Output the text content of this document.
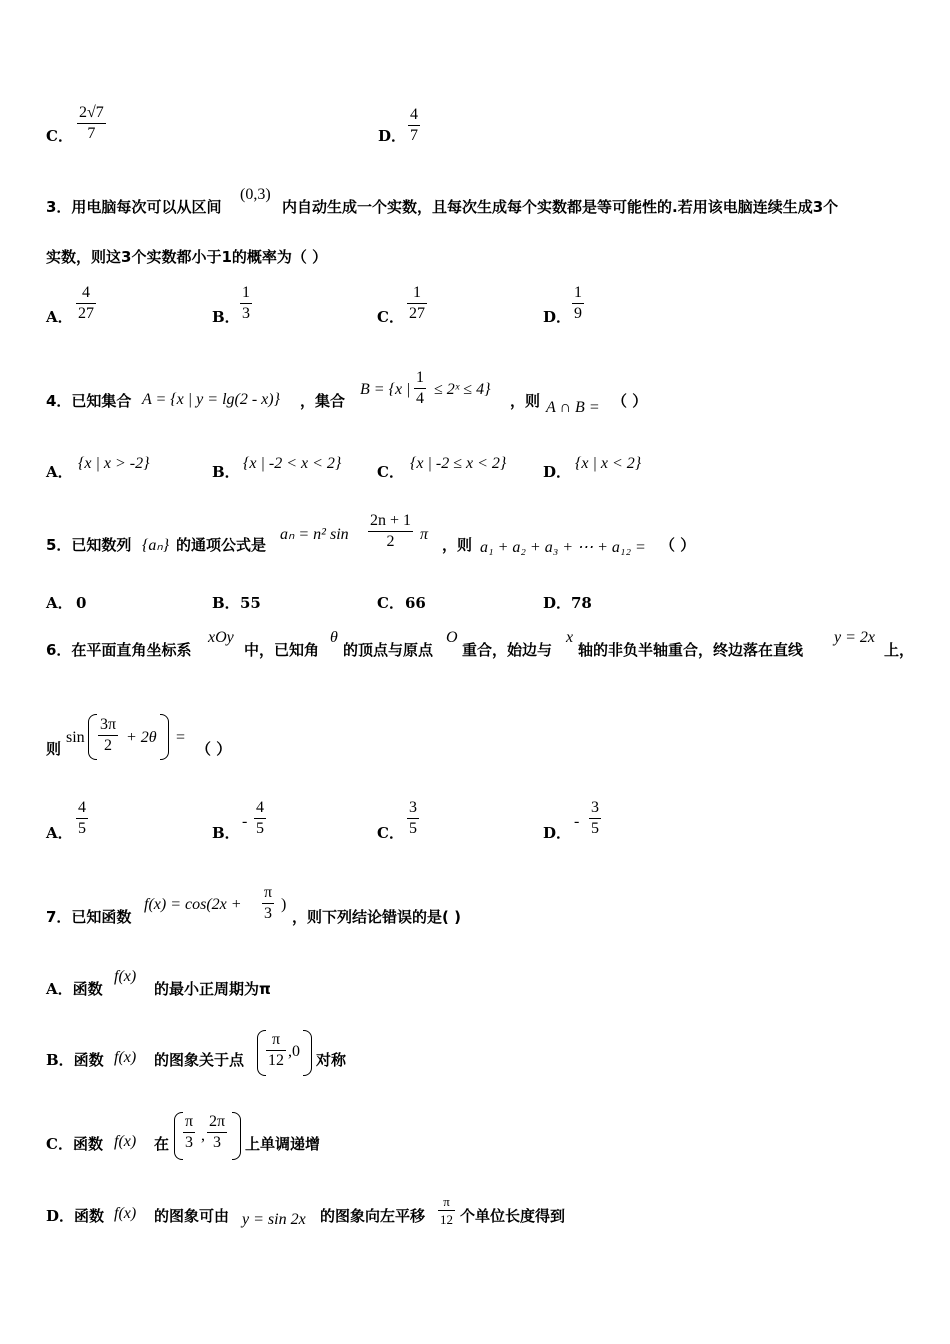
C．
2√7
7	D．
4
7
3．用电脑每次可以从区间
(0,3)
内自动生成一个实数，且每次生成每个实数都是等可能性的.若用该电脑连续生成3个
实数，则这3个实数都小于1的概率为（ ）
A．
4
27	B．
1
3	C．
1
27	D．
1
9
4．已知集合 A = {x | y = lg(2 - x)} ，集合
B = {x |
1
4
≤ 2ˣ ≤ 4}
，则 A ∩ B = （ ）
A． {x | x > -2}	B． {x | -2 < x < 2} C． {x | -2 ≤ x < 2} D． {x | x < 2}
5．已知数列 {aₙ} 的通项公式是
aₙ = n² sin
2n + 1
2 π
，则 a₁ + a₂ + a₃ + ⋯ + a₁₂ = （ ）
A． 0	B． 55	C． 66	D． 78
6．在平面直角坐标系
xOy
中，已知角
θ
的顶点与原点
O
重合，始边与
x
轴的非负半轴重合，终边落在直线
y = 2x
上，
则
sin
3π
2 + 2θ =
（ ）
A．
4
5	B．
-
4
5	C．
3
5	D．
-
3
5
7．已知函数
f(x) = cos(2x +
π
3
)
，则下列结论错误的是( )
A．函数
f(x)
的最小正周期为π
B．函数 f(x) 的图象关于点
π
12
,0 对称
C．函数 f(x) 在
π
3 ,
2π
3 上单调递增
D．函数 f(x) 的图象可由 y = sin 2x 的图象向左平移
π
12 个单位长度得到
